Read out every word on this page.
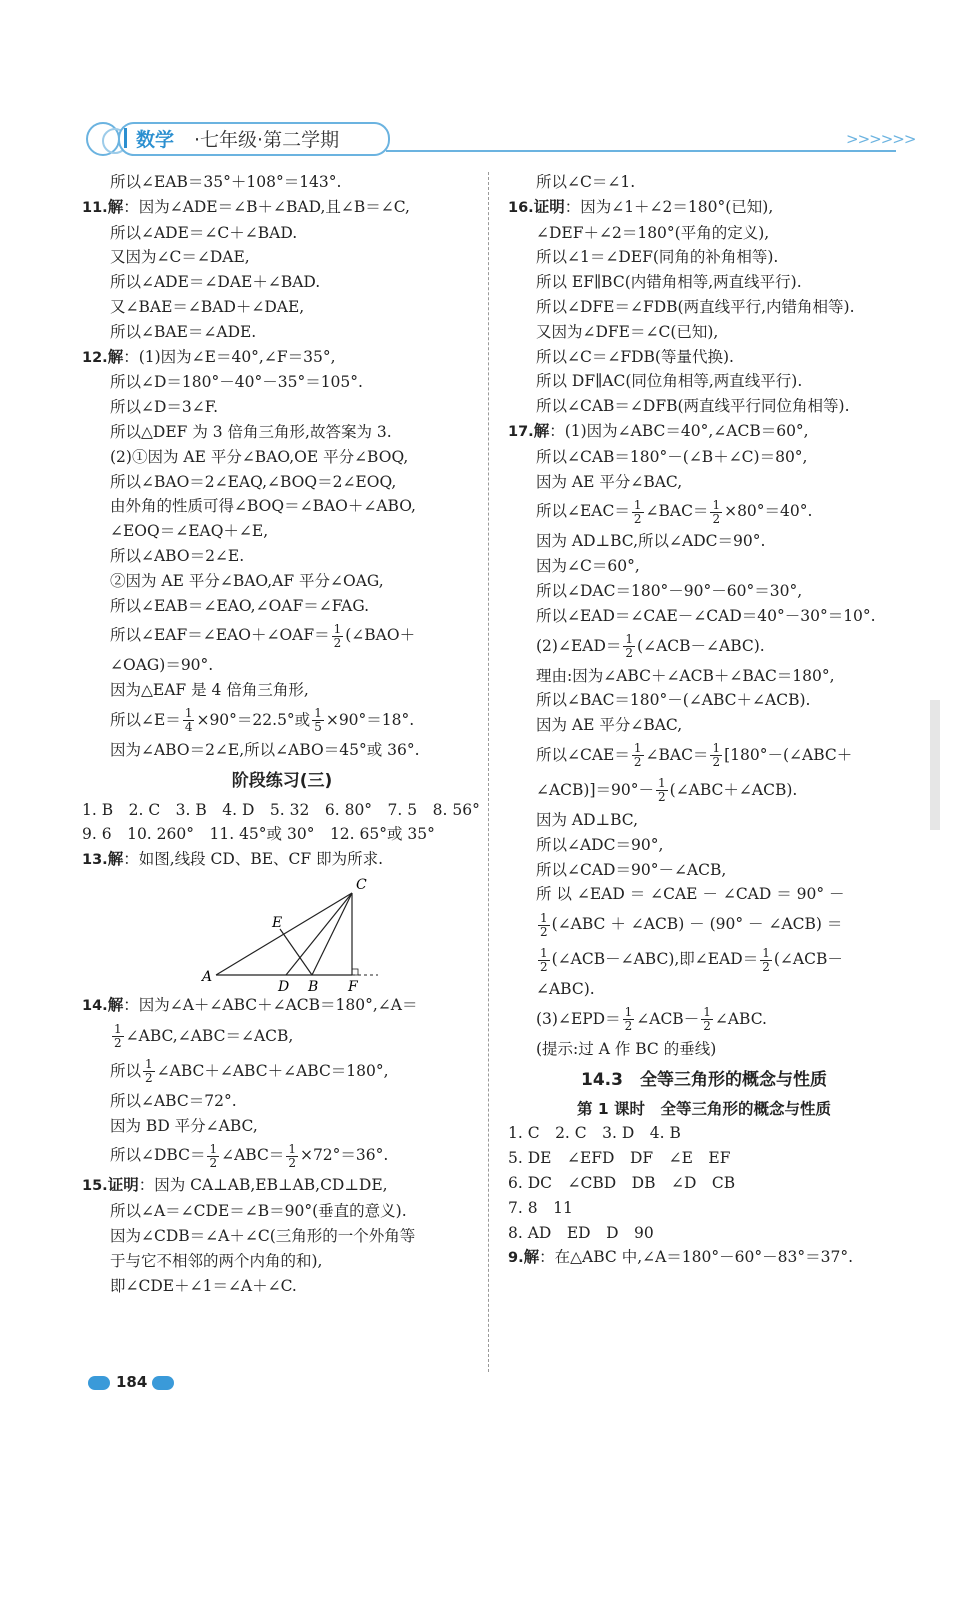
数学 ·七年级·第二学期	>>>>>>
所以∠EAB＝35°＋108°＝143°.
11.解：因为∠ADE＝∠B＋∠BAD,且∠B＝∠C,
所以∠ADE＝∠C＋∠BAD.
又因为∠C＝∠DAE,
所以∠ADE＝∠DAE＋∠BAD.
又∠BAE＝∠BAD＋∠DAE,
所以∠BAE＝∠ADE.
12.解：(1)因为∠E＝40°,∠F＝35°,
所以∠D＝180°－40°－35°＝105°.
所以∠D＝3∠F.
所以△DEF 为 3 倍角三角形,故答案为 3.
(2)①因为 AE 平分∠BAO,OE 平分∠BOQ,
所以∠BAO＝2∠EAQ,∠BOQ＝2∠EOQ,
由外角的性质可得∠BOQ＝∠BAO＋∠ABO,
∠EOQ＝∠EAQ＋∠E,
所以∠ABO＝2∠E.
②因为 AE 平分∠BAO,AF 平分∠OAG,
所以∠EAB＝∠EAO,∠OAF＝∠FAG.
所以∠EAF＝∠EAO＋∠OAF＝ $\frac{1}{2}$ (∠BAO＋
∠OAG)＝90°.
因为△EAF 是 4 倍角三角形,
所以∠E＝ $\frac{1}{4} \times 90^\circ=22.5^\circ$或 $\frac{1}{5} \times 90^\circ=18^\circ$.
因为∠ABO＝2∠E,所以∠ABO＝45°或 36°.
阶段练习(三)
1. B　2. C　3. B　4. D　5. 32　6. 80°　7. 5　8. 56°
9. 6　10. 260°　11. 45°或 30°　12. 65°或 35°
13.解：如图,线段 CD、BE、CF 即为所求.
A
D B F
C
E
14.解：因为∠A＋∠ABC＋∠ACB＝180°,∠A＝
$\frac{1}{2}$ ∠ABC,∠ABC＝∠ACB,
所以 $\frac{1}{2}$ ∠ABC＋∠ABC＋∠ABC＝180°,
所以∠ABC＝72°.
因为 BD 平分∠ABC,
所以∠DBC＝ $\frac{1}{2}$ ∠ABC＝ $\frac{1}{2} \times 72^\circ=36^\circ$.
15.证明：因为 CA⊥AB,EB⊥AB,CD⊥DE,
所以∠A＝∠CDE＝∠B＝90°(垂直的意义).
因为∠CDB＝∠A＋∠C(三角形的一个外角等
于与它不相邻的两个内角的和),
即∠CDE＋∠1＝∠A＋∠C.
所以∠C＝∠1.
16.证明：因为∠1＋∠2＝180°(已知),
∠DEF＋∠2＝180°(平角的定义),
所以∠1＝∠DEF(同角的补角相等).
所以 EF∥BC(内错角相等,两直线平行).
所以∠DFE＝∠FDB(两直线平行,内错角相等).
又因为∠DFE＝∠C(已知),
所以∠C＝∠FDB(等量代换).
所以 DF∥AC(同位角相等,两直线平行).
所以∠CAB＝∠DFB(两直线平行同位角相等).
17.解：(1)因为∠ABC＝40°,∠ACB＝60°,
所以∠CAB＝180°－(∠B＋∠C)＝80°,
因为 AE 平分∠BAC,
所以∠EAC＝ $\frac{1}{2}$ ∠BAC＝ $\frac{1}{2} \times 80^\circ=40^\circ$.
因为 AD⊥BC,所以∠ADC＝90°.
因为∠C＝60°,
所以∠DAC＝180°－90°－60°＝30°,
所以∠EAD＝∠CAE－∠CAD＝40°－30°＝10°.
(2)∠EAD＝ $\frac{1}{2}$ (∠ACB－∠ABC).
理由:因为∠ABC＋∠ACB＋∠BAC＝180°,
所以∠BAC＝180°－(∠ABC＋∠ACB).
因为 AE 平分∠BAC,
所以∠CAE＝ $\frac{1}{2}$ ∠BAC＝ $\frac{1}{2}$ [180°－(∠ABC＋
∠ACB)]＝90°－ $\frac{1}{2}$ (∠ABC＋∠ACB).
因为 AD⊥BC,
所以∠ADC＝90°,
所以∠CAD＝90°－∠ACB,
所 以 ∠EAD ＝ ∠CAE － ∠CAD ＝ 90° －
$\frac{1}{2}$ (∠ABC ＋ ∠ACB) － (90° － ∠ACB) ＝
$\frac{1}{2}$ (∠ACB－∠ABC),即∠EAD＝ $\frac{1}{2}$ (∠ACB－
∠ABC).
(3)∠EPD＝ $\frac{1}{2}$ ∠ACB－ $\frac{1}{2}$ ∠ABC.
(提示:过 A 作 BC 的垂线)
14.3　全等三角形的概念与性质
第 1 课时　全等三角形的概念与性质
1. C　2. C　3. D　4. B
5. DE　∠EFD　DF　∠E　EF
6. DC　∠CBD　DB　∠D　CB
7. 8　11
8. AD　ED　D　90
9.解：在△ABC 中,∠A＝180°－60°－83°＝37°.
184
